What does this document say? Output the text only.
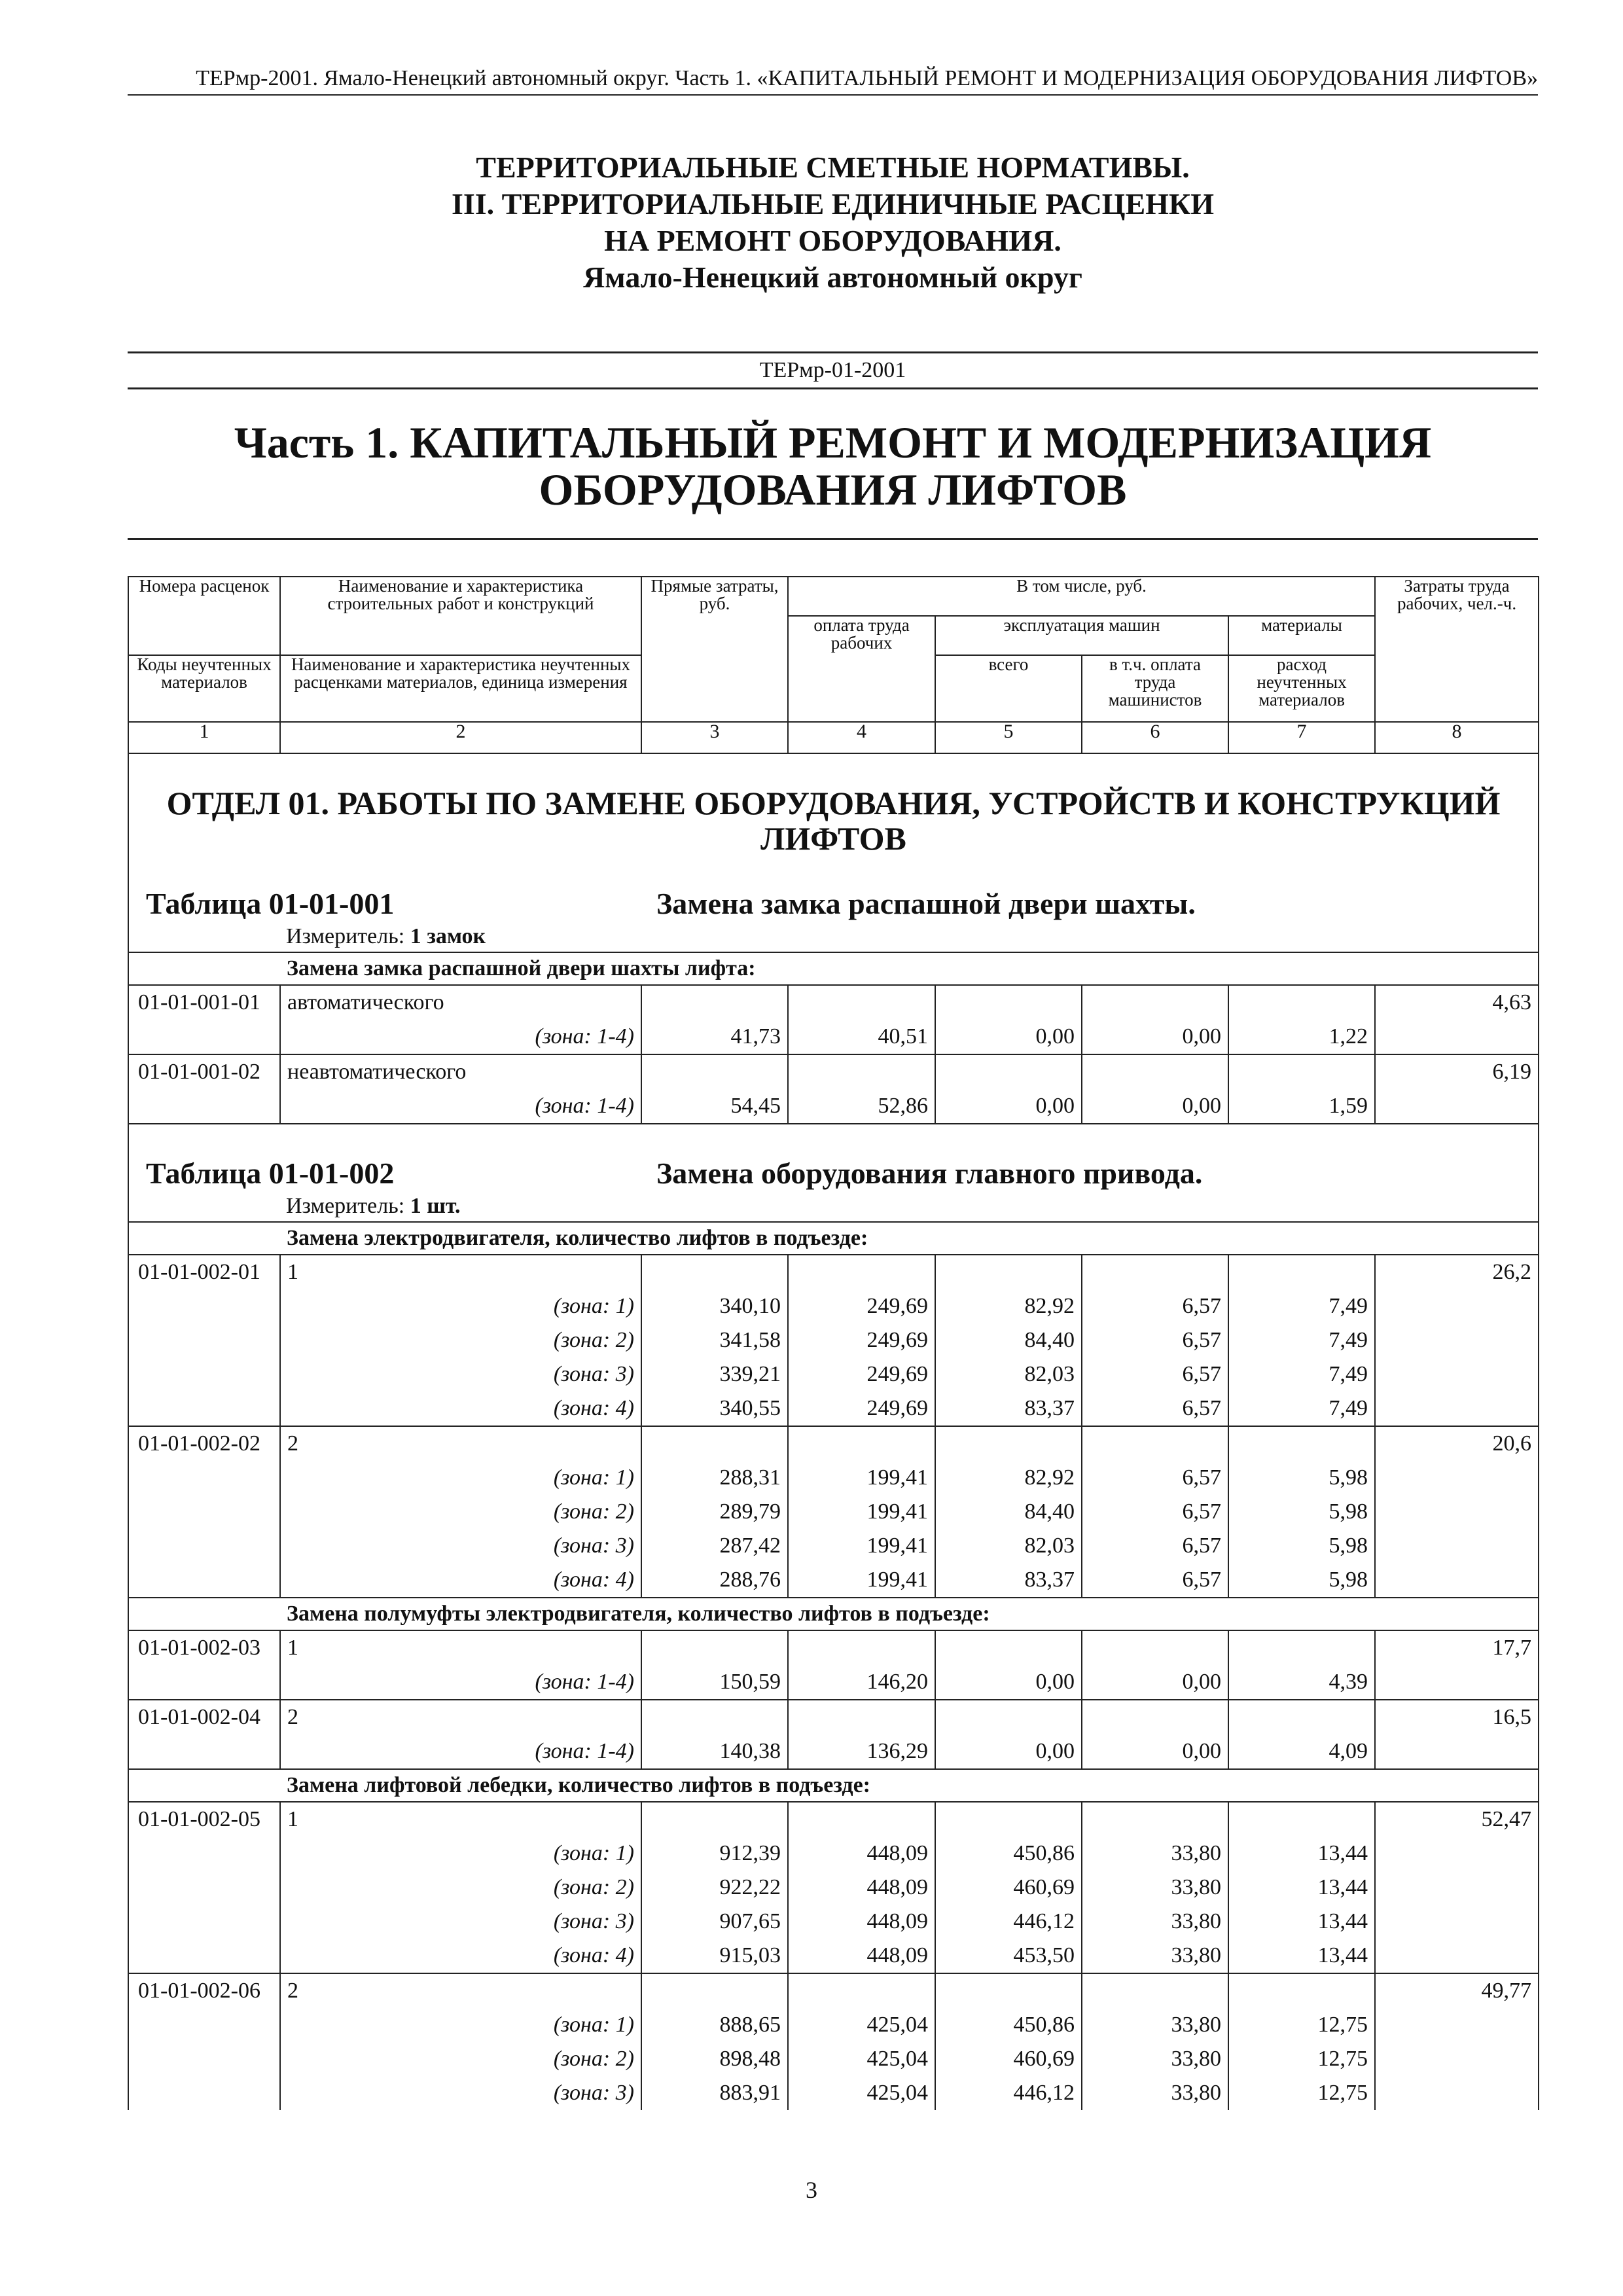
ТЕРмр-2001. Ямало-Ненецкий автономный округ. Часть 1. «КАПИТАЛЬНЫЙ РЕМОНТ И МОДЕРНИЗАЦИЯ ОБОРУДОВАНИЯ ЛИФТОВ»
ТЕРРИТОРИАЛЬНЫЕ СМЕТНЫЕ НОРМАТИВЫ.
III. ТЕРРИТОРИАЛЬНЫЕ ЕДИНИЧНЫЕ РАСЦЕНКИ
НА РЕМОНТ ОБОРУДОВАНИЯ.
Ямало-Ненецкий автономный округ
ТЕРмр-01-2001
Часть 1. КАПИТАЛЬНЫЙ РЕМОНТ И МОДЕРНИЗАЦИЯ
ОБОРУДОВАНИЯ ЛИФТОВ
Номера расценок	Наименование и характеристика строительных работ и конструкций	Прямые затраты, руб.	В том числе, руб.				Затраты труда рабочих, чел.-ч.
			оплата труда рабочих	эксплуатация машин		материалы	
Коды неучтенных материалов	Наименование и характеристика неучтенных расценками материалов, единица измерения			всего	в т.ч. оплата труда машинистов	расход неучтенных материалов	
1	2	3	4	5	6	7	8
ОТДЕЛ 01. РАБОТЫ ПО ЗАМЕНЕ ОБОРУДОВАНИЯ, УСТРОЙСТВ И КОНСТРУКЦИЙ ЛИФТОВ							
Таблица 01-01-001 Замена замка распашной двери шахты.							

Измеритель: 1 замок							

	Замена замка распашной двери шахты лифта:						
01-01-001-01	автоматического						4,63
	(зона: 1-4)	41,73	40,51	0,00	0,00	1,22	
01-01-001-02	неавтоматического						6,19
	(зона: 1-4)	54,45	52,86	0,00	0,00	1,59	

Таблица 01-01-002 Замена оборудования главного привода.							

Измеритель: 1 шт.							

	Замена электродвигателя, количество лифтов в подъезде:						
01-01-002-01	1						26,2
	(зона: 1)	340,10	249,69	82,92	6,57	7,49	
	(зона: 2)	341,58	249,69	84,40	6,57	7,49	
	(зона: 3)	339,21	249,69	82,03	6,57	7,49	
	(зона: 4)	340,55	249,69	83,37	6,57	7,49	
01-01-002-02	2						20,6
	(зона: 1)	288,31	199,41	82,92	6,57	5,98	
	(зона: 2)	289,79	199,41	84,40	6,57	5,98	
	(зона: 3)	287,42	199,41	82,03	6,57	5,98	
	(зона: 4)	288,76	199,41	83,37	6,57	5,98	
	Замена полумуфты электродвигателя, количество лифтов в подъезде:						
01-01-002-03	1						17,7
	(зона: 1-4)	150,59	146,20	0,00	0,00	4,39	
01-01-002-04	2						16,5
	(зона: 1-4)	140,38	136,29	0,00	0,00	4,09	
	Замена лифтовой лебедки, количество лифтов в подъезде:						
01-01-002-05	1						52,47
	(зона: 1)	912,39	448,09	450,86	33,80	13,44	
	(зона: 2)	922,22	448,09	460,69	33,80	13,44	
	(зона: 3)	907,65	448,09	446,12	33,80	13,44	
	(зона: 4)	915,03	448,09	453,50	33,80	13,44	
01-01-002-06	2						49,77
	(зона: 1)	888,65	425,04	450,86	33,80	12,75	
	(зона: 2)	898,48	425,04	460,69	33,80	12,75	
	(зона: 3)	883,91	425,04	446,12	33,80	12,75	
3
